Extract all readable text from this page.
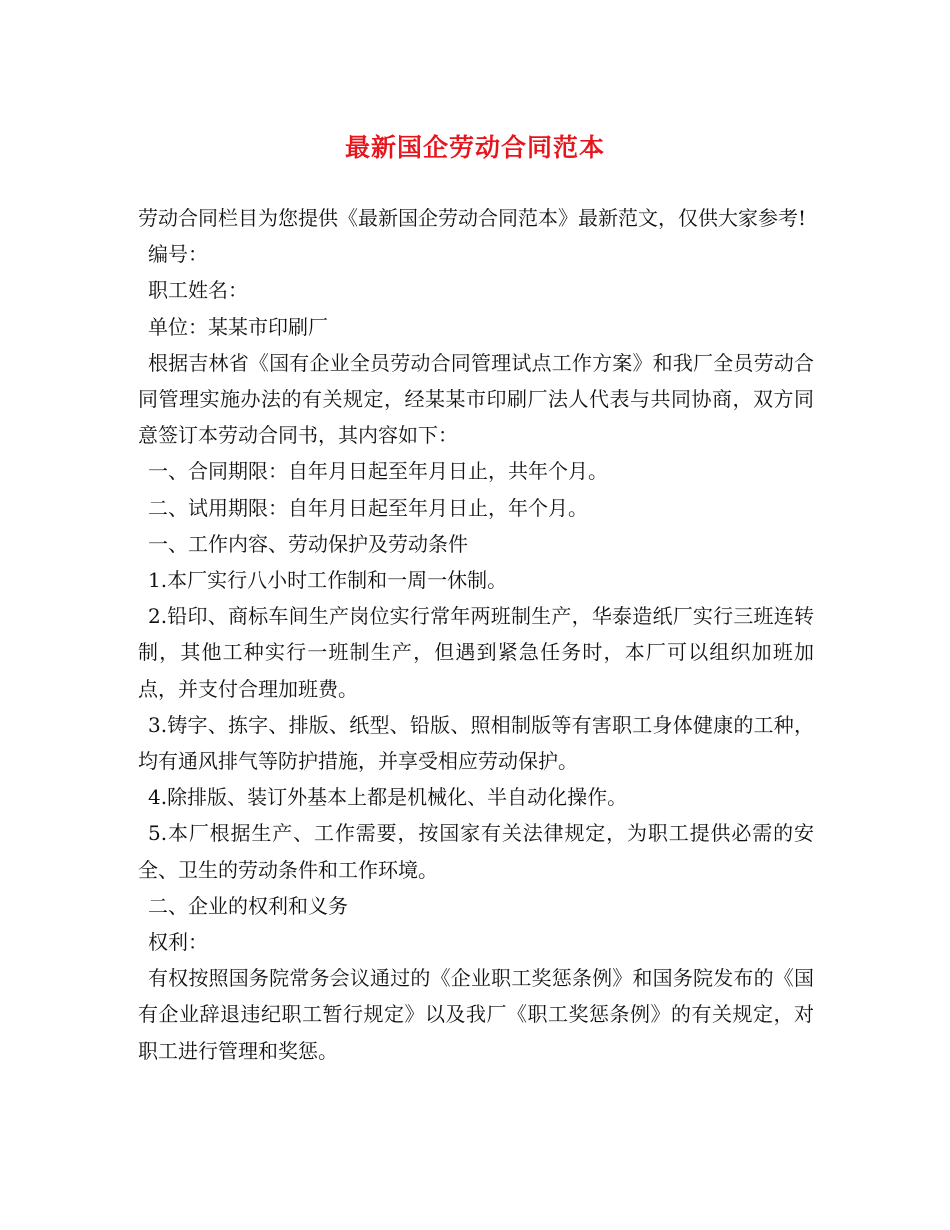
最新国企劳动合同范本

劳动合同栏目为您提供《最新国企劳动合同范本》最新范文，仅供大家参考!

编号：

职工姓名：

单位：某某市印刷厂

根据吉林省《国有企业全员劳动合同管理试点工作方案》和我厂全员劳动合同管理实施办法的有关规定，经某某市印刷厂法人代表与共同协商，双方同意签订本劳动合同书，其内容如下：

一、合同期限：自年月日起至年月日止，共年个月。

二、试用期限：自年月日起至年月日止，年个月。

一、工作内容、劳动保护及劳动条件

1.本厂实行八小时工作制和一周一休制。

2.铅印、商标车间生产岗位实行常年两班制生产，华泰造纸厂实行三班连转制，其他工种实行一班制生产，但遇到紧急任务时，本厂可以组织加班加点，并支付合理加班费。

3.铸字、拣字、排版、纸型、铅版、照相制版等有害职工身体健康的工种，均有通风排气等防护措施，并享受相应劳动保护。

4.除排版、装订外基本上都是机械化、半自动化操作。

5.本厂根据生产、工作需要，按国家有关法律规定，为职工提供必需的安全、卫生的劳动条件和工作环境。

二、企业的权利和义务

权利：

有权按照国务院常务会议通过的《企业职工奖惩条例》和国务院发布的《国有企业辞退违纪职工暂行规定》以及我厂《职工奖惩条例》的有关规定，对职工进行管理和奖惩。
